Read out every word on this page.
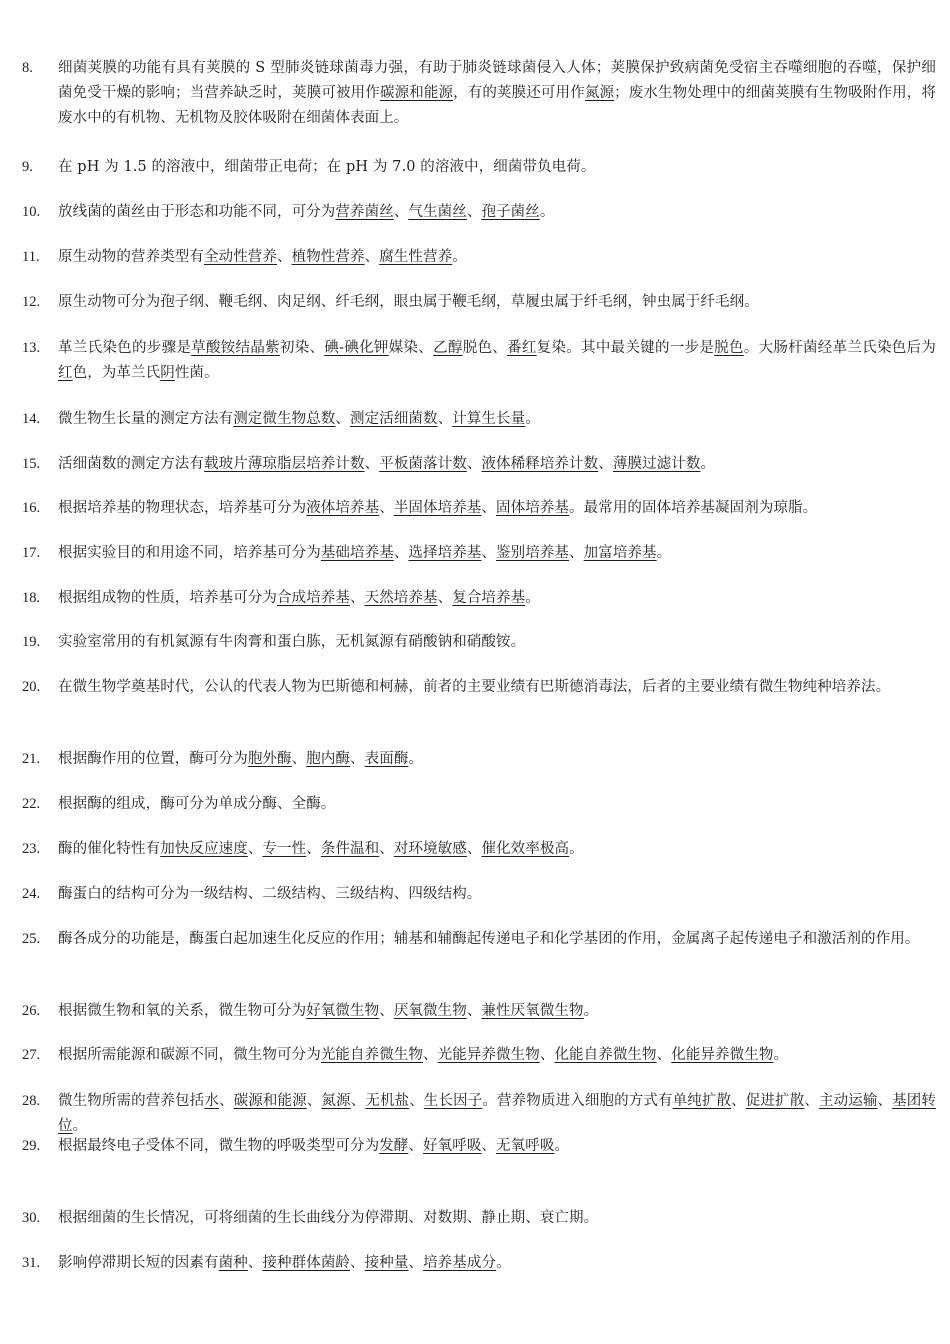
8. 细菌荚膜的功能有具有荚膜的 S 型肺炎链球菌毒力强，有助于肺炎链球菌侵入人体；荚膜保护致病菌免受宿主吞噬细胞的吞噬，保护细菌免受干燥的影响；当营养缺乏时，荚膜可被用作碳源和能源，有的荚膜还可用作氮源；废水生物处理中的细菌荚膜有生物吸附作用，将废水中的有机物、无机物及胶体吸附在细菌体表面上。
9. 在 pH 为 1.5 的溶液中，细菌带正电荷；在 pH 为 7.0 的溶液中，细菌带负电荷。
10. 放线菌的菌丝由于形态和功能不同，可分为营养菌丝、气生菌丝、孢子菌丝。
11. 原生动物的营养类型有全动性营养、植物性营养、腐生性营养。
12. 原生动物可分为孢子纲、鞭毛纲、肉足纲、纤毛纲，眼虫属于鞭毛纲，草履虫属于纤毛纲，钟虫属于纤毛纲。
13. 革兰氏染色的步骤是草酸铵结晶紫初染、碘-碘化钾媒染、乙醇脱色、番红复染。其中最关键的一步是脱色。大肠杆菌经革兰氏染色后为红色，为革兰氏阴性菌。
14. 微生物生长量的测定方法有测定微生物总数、测定活细菌数、计算生长量。
15. 活细菌数的测定方法有载玻片薄琼脂层培养计数、平板菌落计数、液体稀释培养计数、薄膜过滤计数。
16. 根据培养基的物理状态，培养基可分为液体培养基、半固体培养基、固体培养基。最常用的固体培养基凝固剂为琼脂。
17. 根据实验目的和用途不同，培养基可分为基础培养基、选择培养基、鉴别培养基、加富培养基。
18. 根据组成物的性质，培养基可分为合成培养基、天然培养基、复合培养基。
19. 实验室常用的有机氮源有牛肉膏和蛋白胨，无机氮源有硝酸钠和硝酸铵。
20. 在微生物学奠基时代，公认的代表人物为巴斯德和柯赫，前者的主要业绩有巴斯德消毒法，后者的主要业绩有微生物纯种培养法。
21. 根据酶作用的位置，酶可分为胞外酶、胞内酶、表面酶。
22. 根据酶的组成，酶可分为单成分酶、全酶。
23. 酶的催化特性有加快反应速度、专一性、条件温和、对环境敏感、催化效率极高。
24. 酶蛋白的结构可分为一级结构、二级结构、三级结构、四级结构。
25. 酶各成分的功能是，酶蛋白起加速生化反应的作用；辅基和辅酶起传递电子和化学基团的作用，金属离子起传递电子和激活剂的作用。
26. 根据微生物和氧的关系，微生物可分为好氧微生物、厌氧微生物、兼性厌氧微生物。
27. 根据所需能源和碳源不同，微生物可分为光能自养微生物、光能异养微生物、化能自养微生物、化能异养微生物。
28. 微生物所需的营养包括水、碳源和能源、氮源、无机盐、生长因子。营养物质进入细胞的方式有单纯扩散、促进扩散、主动运输、基团转位。
29. 根据最终电子受体不同，微生物的呼吸类型可分为发酵、好氧呼吸、无氧呼吸。
30. 根据细菌的生长情况，可将细菌的生长曲线分为停滞期、对数期、静止期、衰亡期。
31. 影响停滞期长短的因素有菌种、接种群体菌龄、接种量、培养基成分。
